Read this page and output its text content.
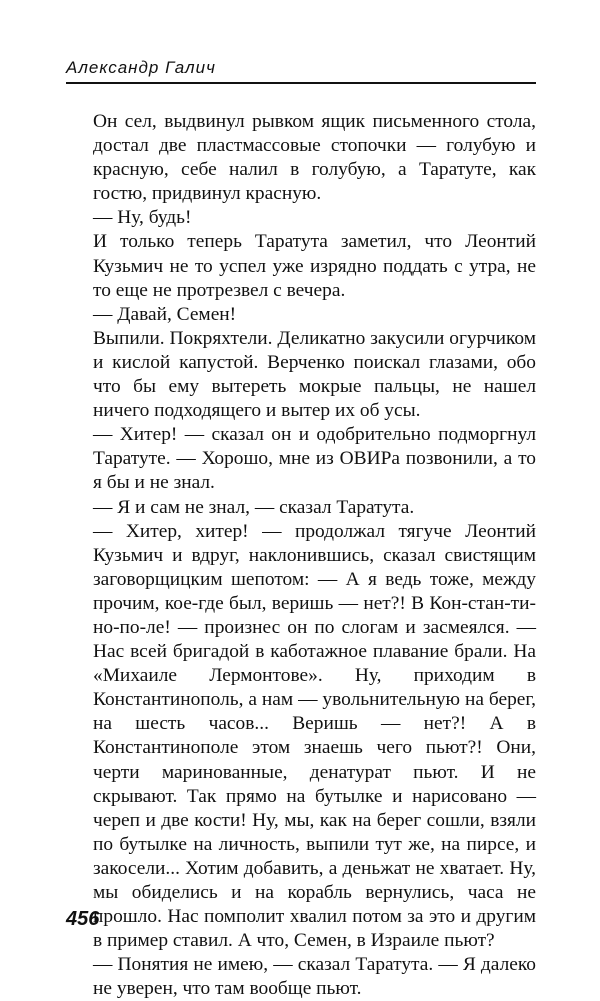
Александр Галич

Он сел, выдвинул рывком ящик письменного стола, достал две пластмассовые стопочки — голубую и красную, себе налил в голубую, а Таратуте, как гостю, придвинул красную.

— Ну, будь!

И только теперь Таратута заметил, что Леонтий Кузьмич не то успел уже изрядно поддать с утра, не то еще не протрезвел с вечера.

— Давай, Семен!

Выпили. Покряхтели. Деликатно закусили огурчиком и кислой капустой. Верченко поискал глазами, обо что бы ему вытереть мокрые пальцы, не нашел ничего подходящего и вытер их об усы.

— Хитер! — сказал он и одобрительно подморгнул Таратуте. — Хорошо, мне из ОВИРа позвонили, а то я бы и не знал.

— Я и сам не знал, — сказал Таратута.

— Хитер, хитер! — продолжал тягуче Леонтий Кузьмич и вдруг, наклонившись, сказал свистящим заговорщицким шепотом: — А я ведь тоже, между прочим, кое-где был, веришь — нет?! В Кон-стан-ти-но-по-ле! — произнес он по слогам и засмеялся. — Нас всей бригадой в каботажное плавание брали. На «Михаиле Лермонтове». Ну, приходим в Константинополь, а нам — увольнительную на берег, на шесть часов... Веришь — нет?! А в Константинополе этом знаешь чего пьют?! Они, черти маринованные, денатурат пьют. И не скрывают. Так прямо на бутылке и нарисовано — череп и две кости! Ну, мы, как на берег сошли, взяли по бутылке на личность, выпили тут же, на пирсе, и закосели... Хотим добавить, а деньжат не хватает. Ну, мы обиделись и на корабль вернулись, часа не прошло. Нас помполит хвалил потом за это и другим в пример ставил. А что, Семен, в Израиле пьют?

— Понятия не имею, — сказал Таратута. — Я далеко не уверен, что там вообще пьют.

456
